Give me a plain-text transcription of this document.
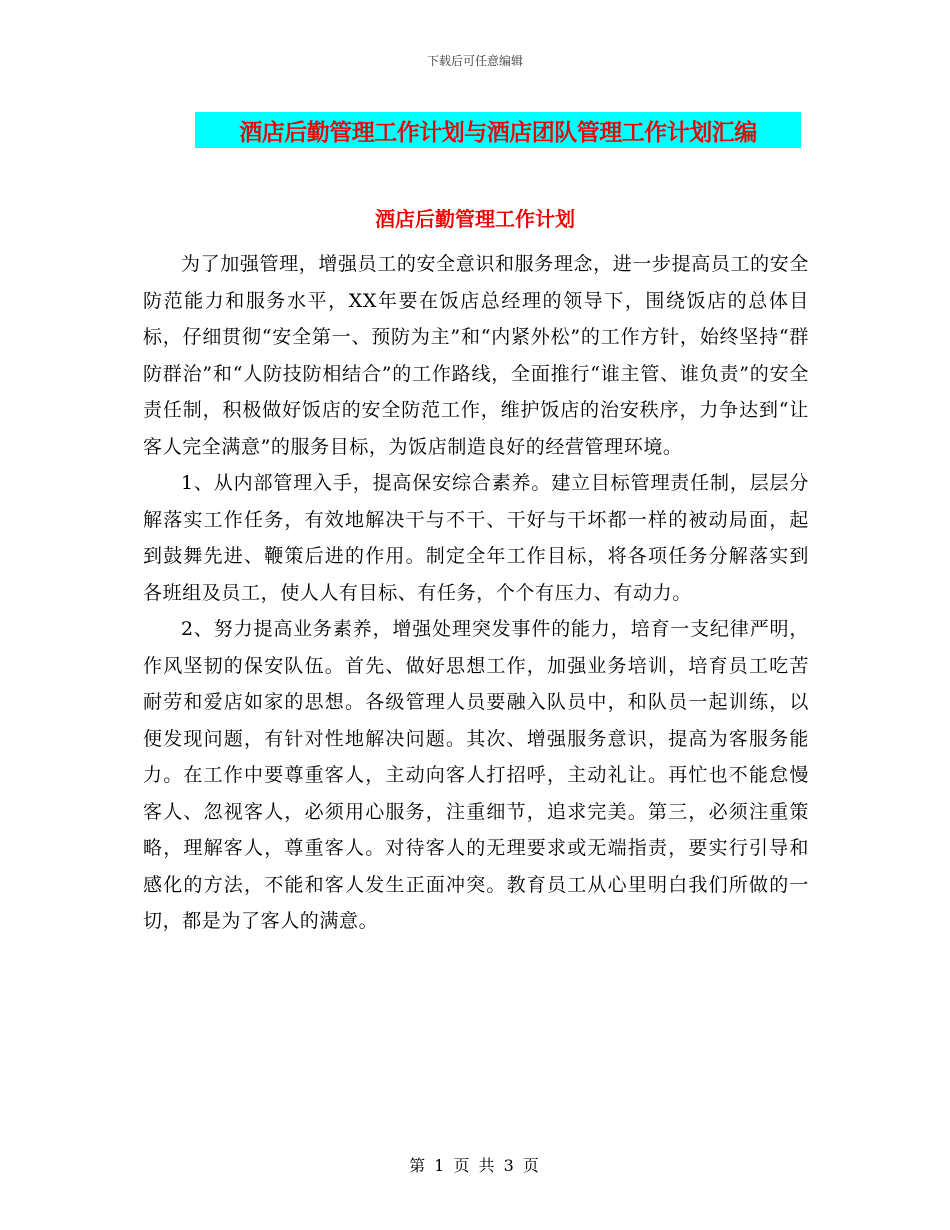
下载后可任意编辑
酒店后勤管理工作计划与酒店团队管理工作计划汇编
酒店后勤管理工作计划

为了加强管理，增强员工的安全意识和服务理念，进一步提高员工的安全防范能力和服务水平，XX年要在饭店总经理的领导下，围绕饭店的总体目标，仔细贯彻“安全第一、预防为主”和“内紧外松”的工作方针，始终坚持“群防群治”和“人防技防相结合”的工作路线，全面推行“谁主管、谁负责”的安全责任制，积极做好饭店的安全防范工作，维护饭店的治安秩序，力争达到“让客人完全满意”的服务目标，为饭店制造良好的经营管理环境。

1、从内部管理入手，提高保安综合素养。建立目标管理责任制，层层分解落实工作任务，有效地解决干与不干、干好与干坏都一样的被动局面，起到鼓舞先进、鞭策后进的作用。制定全年工作目标，将各项任务分解落实到各班组及员工，使人人有目标、有任务，个个有压力、有动力。

2、努力提高业务素养，增强处理突发事件的能力，培育一支纪律严明，作风坚韧的保安队伍。首先、做好思想工作，加强业务培训，培育员工吃苦耐劳和爱店如家的思想。各级管理人员要融入队员中，和队员一起训练，以便发现问题，有针对性地解决问题。其次、增强服务意识，提高为客服务能力。在工作中要尊重客人，主动向客人打招呼，主动礼让。再忙也不能怠慢客人、忽视客人，必须用心服务，注重细节，追求完美。第三，必须注重策略，理解客人，尊重客人。对待客人的无理要求或无端指责，要实行引导和感化的方法，不能和客人发生正面冲突。教育员工从心里明白我们所做的一切，都是为了客人的满意。

第 1 页 共 3 页
